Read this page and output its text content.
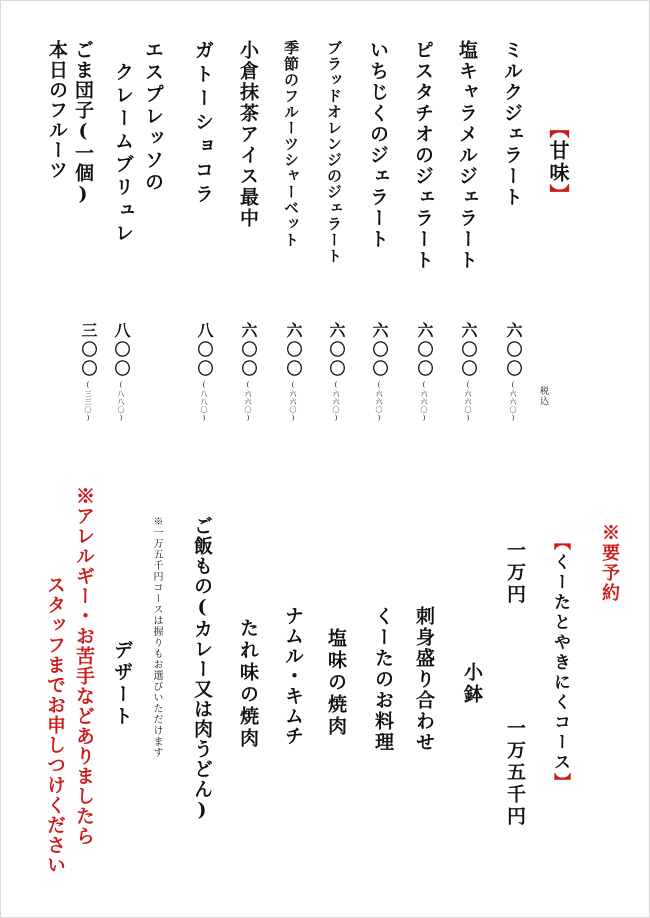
【甘味】
税込
ミルクジェラート
塩キャラメルジェラート
ピスタチオのジェラート
いちじくのジェラート
ブラッドオレンジのジェラート
季節のフルーツシャーベット
小倉抹茶アイス最中
ガトーショコラ
エスプレッソの
クレームブリュレ
ごま団子(一個)
本日のフルーツ
六〇〇(六六〇)
六〇〇(六六〇)
六〇〇(六六〇)
六〇〇(六六〇)
六〇〇(六六〇)
六〇〇(六六〇)
六〇〇(六六〇)
八〇〇(八八〇)
八〇〇(八八〇)
三〇〇(三三〇)
※要予約
【くーたとやきにくコース】
一万円
一万五千円
小鉢
刺身盛り合わせ
くーたのお料理
塩味の焼肉
ナムル・キムチ
たれ味の焼肉
ご飯もの(カレー又は肉うどん)
※一万五千円コースは握りもお選びいただけます
デザート
※アレルギー・お苦手などありましたら
スタッフまでお申しつけください
